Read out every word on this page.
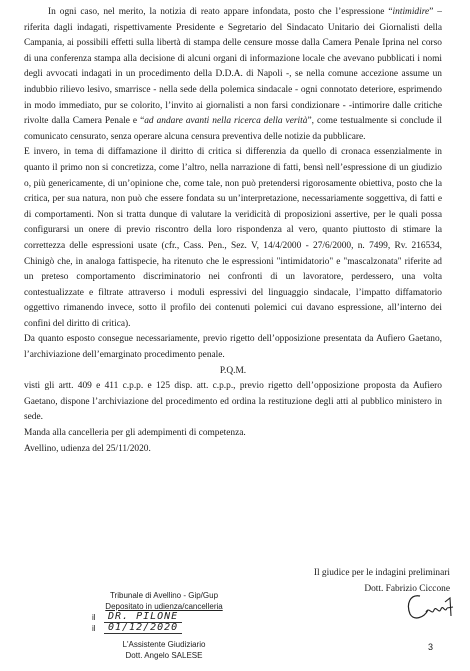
In ogni caso, nel merito, la notizia di reato appare infondata, posto che l’espressione “intimidire” – riferita dagli indagati, rispettivamente Presidente e Segretario del Sindacato Unitario dei Giornalisti della Campania, ai possibili effetti sulla libertà di stampa delle censure mosse dalla Camera Penale Iprina nel corso di una conferenza stampa alla decisione di alcuni organi di informazione locale che avevano pubblicati i nomi degli avvocati indagati in un procedimento della D.D.A. di Napoli -, se nella comune accezione assume un indubbio rilievo lesivo, smarrisce - nella sede della polemica sindacale - ogni connotato deteriore, esprimendo in modo immediato, pur se colorito, l’invito ai giornalisti a non farsi condizionare - -intimorire dalle critiche rivolte dalla Camera Penale e “ad andare avanti nella ricerca della verità”, come testualmente si conclude il comunicato censurato, senza operare alcuna censura preventiva delle notizie da pubblicare.

E invero, in tema di diffamazione il diritto di critica si differenzia da quello di cronaca essenzialmente in quanto il primo non si concretizza, come l’altro, nella narrazione di fatti, bensì nell’espressione di un giudizio o, più genericamente, di un’opinione che, come tale, non può pretendersi rigorosamente obiettiva, posto che la critica, per sua natura, non può che essere fondata su un’interpretazione, necessariamente soggettiva, di fatti e di comportamenti. Non si tratta dunque di valutare la veridicità di proposizioni assertive, per le quali possa configurarsi un onere di previo riscontro della loro rispondenza al vero, quanto piuttosto di stimare la correttezza delle espressioni usate (cfr., Cass. Pen., Sez. V, 14/4/2000 - 27/6/2000, n. 7499, Rv. 216534, Chinigò che, in analoga fattispecie, ha ritenuto che le espressioni "intimidatorio" e "mascalzonata" riferite ad un preteso comportamento discriminatorio nei confronti di un lavoratore, perdessero, una volta contestualizzate e filtrate attraverso i moduli espressivi del linguaggio sindacale, l’impatto diffamatorio oggettivo rimanendo invece, sotto il profilo dei contenuti polemici cui davano espressione, all’interno dei confini del diritto di critica).

Da quanto esposto consegue necessariamente, previo rigetto dell’opposizione presentata da Aufiero Gaetano, l’archiviazione dell’emarginato procedimento penale.

P.Q.M.

visti gli artt. 409 e 411 c.p.p. e 125 disp. att. c.p.p., previo rigetto dell’opposizione proposta da Aufiero Gaetano, dispone l’archiviazione del procedimento ed ordina la restituzione degli atti al pubblico ministero in sede.

Manda alla cancelleria per gli adempimenti di competenza.

Avellino, udienza del 25/11/2020.

Il giudice per le indagini preliminari
Dott. Fabrizio Ciccone
Tribunale di Avellino - Gip/Gup
Depositato in udienza/cancelleria
il	DR. PILONE
il	01/12/2020
L'Assistente Giudiziario
Dott. Angelo SALESE
3
